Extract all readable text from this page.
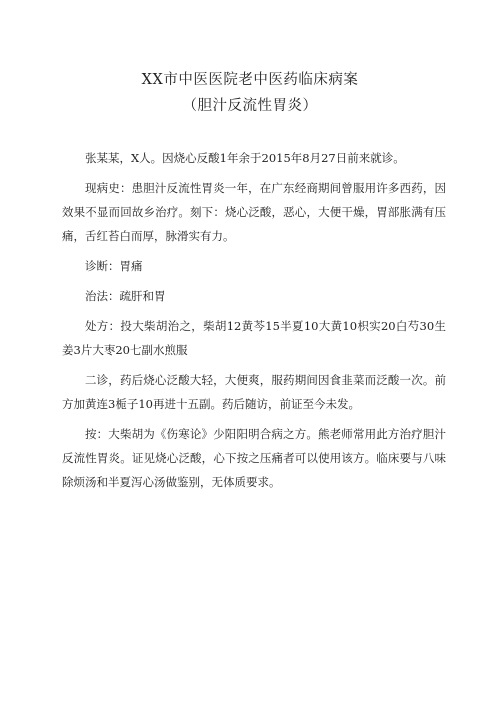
XX市中医医院老中医药临床病案
（胆汁反流性胃炎）

张某某，X人。因烧心反酸1年余于2015年8月27日前来就诊。

现病史：患胆汁反流性胃炎一年，在广东经商期间曾服用许多西药，因效果不显而回故乡治疗。刻下：烧心泛酸，恶心，大便干燥，胃部胀满有压痛，舌红苔白而厚，脉滑实有力。

诊断：胃痛

治法：疏肝和胃

处方：投大柴胡治之，柴胡12黄芩15半夏10大黄10枳实20白芍30生姜3片大枣20七副水煎服

二诊，药后烧心泛酸大轻，大便爽，服药期间因食韭菜而泛酸一次。前方加黄连3栀子10再进十五副。药后随访，前证至今未发。

按：大柴胡为《伤寒论》少阳阳明合病之方。熊老师常用此方治疗胆汁反流性胃炎。证见烧心泛酸，心下按之压痛者可以使用该方。临床要与八味除烦汤和半夏泻心汤做鉴别，无体质要求。
